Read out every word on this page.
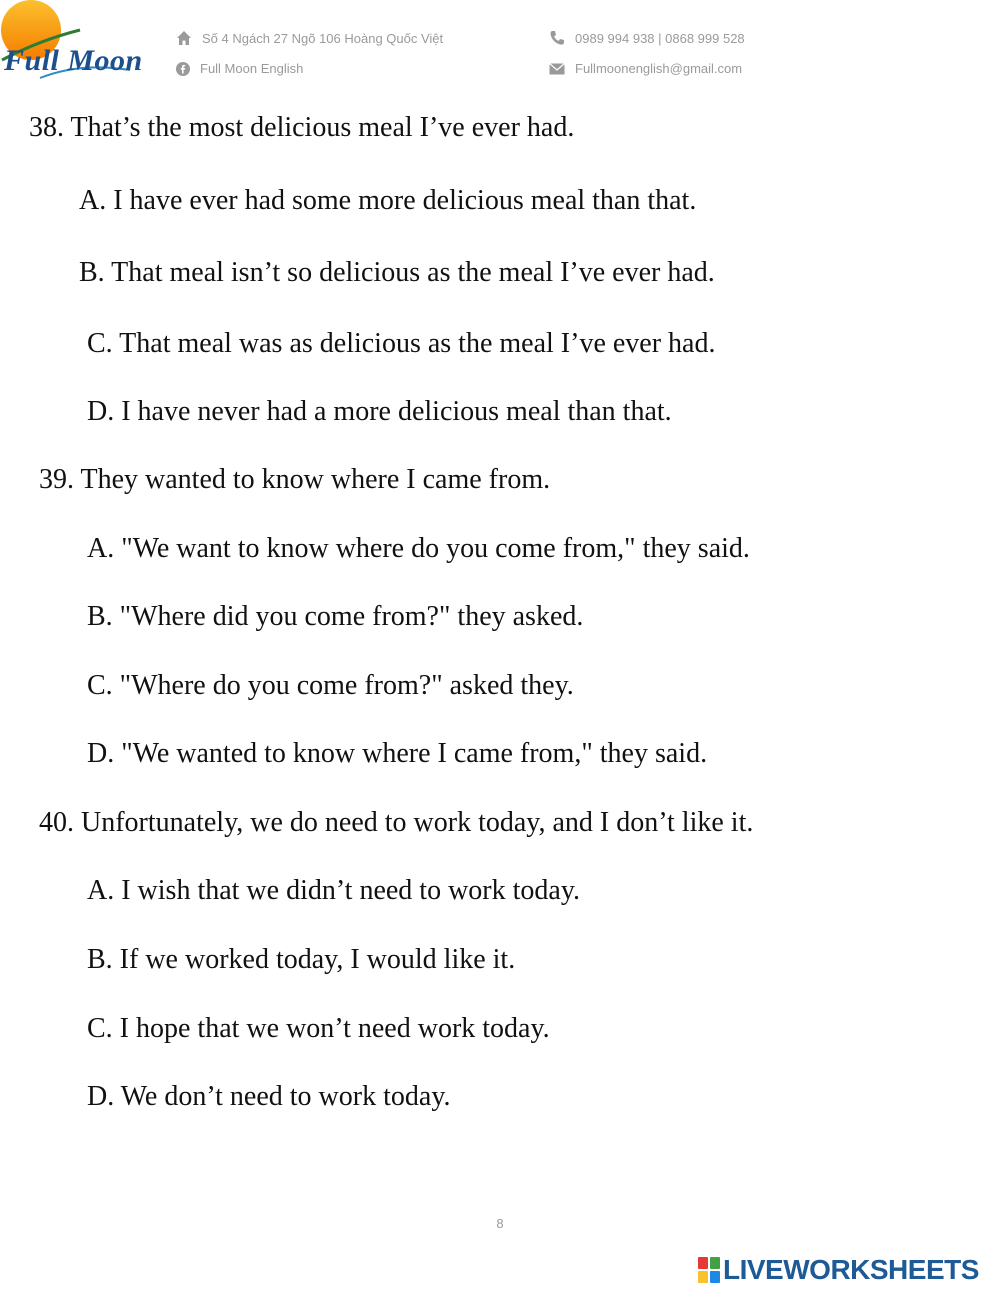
Full Moon
Số 4 Ngách 27 Ngõ 106 Hoàng Quốc Việt	0989 994 938 | 0868 999 528
Full Moon English	Fullmoonenglish@gmail.com
38. That’s the most delicious meal I’ve ever had.
A. I have ever had some more delicious meal than that.
B. That meal isn’t so delicious as the meal I’ve ever had.
C. That meal was as delicious as the meal I’ve ever had.
D. I have never had a more delicious meal than that.
39. They wanted to know where I came from.
A. "We want to know where do you come from," they said.
B. "Where did you come from?" they asked.
C. "Where do you come from?" asked they.
D. "We wanted to know where I came from," they said.
40. Unfortunately, we do need to work today, and I don’t like it.
A. I wish that we didn’t need to work today.
B. If we worked today, I would like it.
C. I hope that we won’t need work today.
D. We don’t need to work today.
8
LIVEWORKSHEETS
